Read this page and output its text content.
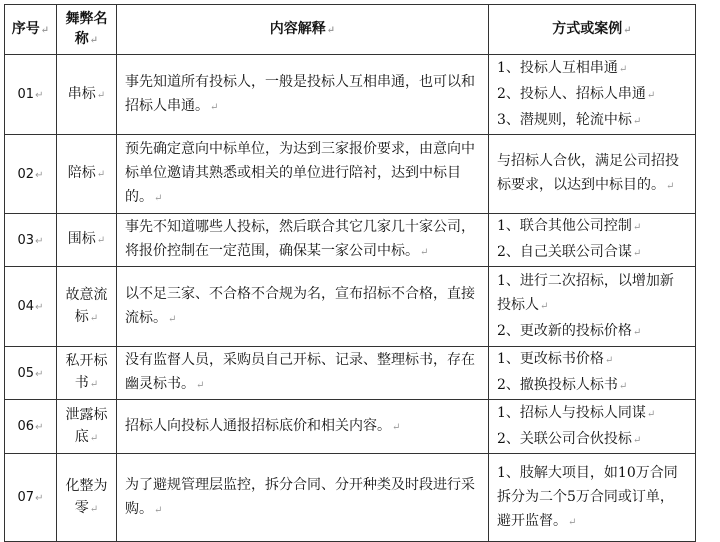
序号↵	舞弊名称↵	内容解释↵	方式或案例↵
01↵	串标↵	事先知道所有投标人，一般是投标人互相串通，也可以和招标人串通。↵	1、投标人互相串通↵
2、投标人、招标人串通↵
3、潜规则，轮流中标↵

02↵	陪标↵	预先确定意向中标单位，为达到三家报价要求，由意向中标单位邀请其熟悉或相关的单位进行陪衬，达到中标目的。↵	与招标人合伙，满足公司招投标要求，以达到中标目的。↵

03↵	围标↵	事先不知道哪些人投标，然后联合其它几家几十家公司，将报价控制在一定范围，确保某一家公司中标。↵	1、联合其他公司控制↵
2、自己关联公司合谋↵

04↵	故意流标↵	以不足三家、不合格不合规为名，宣布招标不合格，直接流标。↵	1、进行二次招标，以增加新投标人↵
2、更改新的投标价格↵

05↵	私开标书↵	没有监督人员，采购员自己开标、记录、整理标书，存在幽灵标书。↵	1、更改标书价格↵
2、撤换投标人标书↵

06↵	泄露标底↵	招标人向投标人通报招标底价和相关内容。↵	1、招标人与投标人同谋↵
2、关联公司合伙投标↵

07↵	化整为零↵	为了避规管理层监控，拆分合同、分开种类及时段进行采购。↵	1、肢解大项目，如10万合同拆分为二个5万合同或订单，避开监督。↵
